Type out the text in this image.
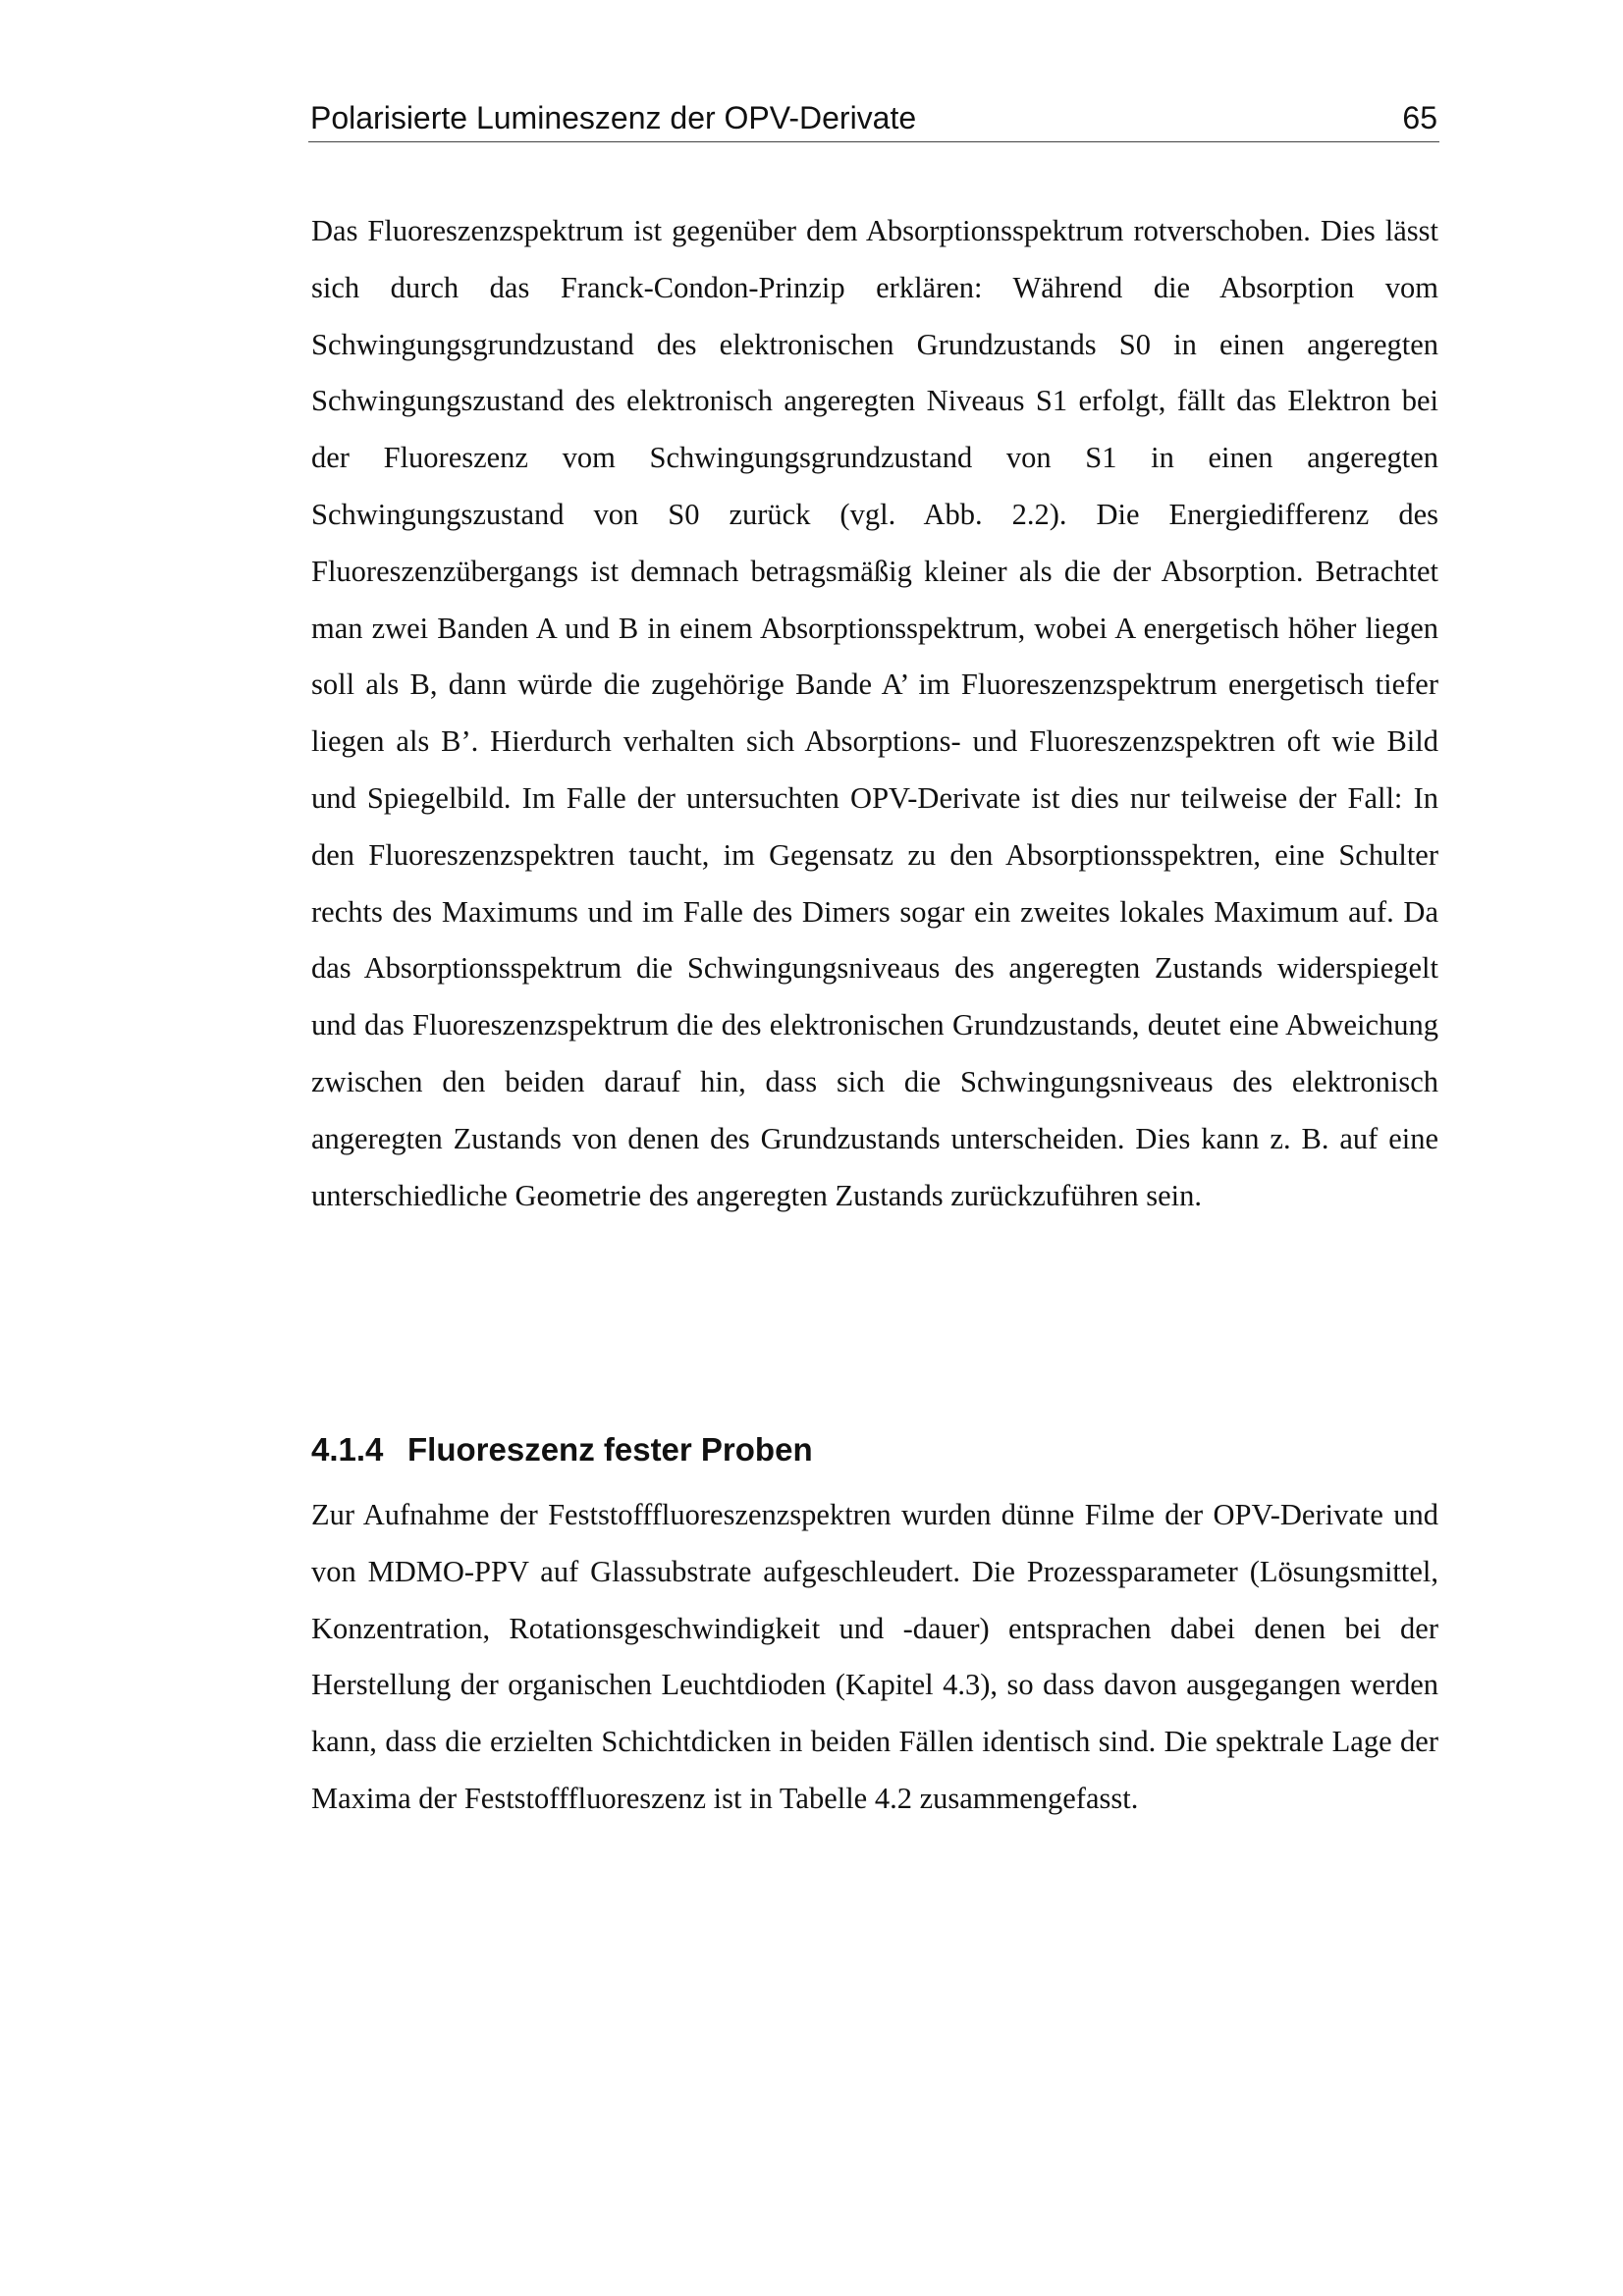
Polarisierte Lumineszenz der OPV-Derivate	65

Das Fluoreszenzspektrum ist gegenüber dem Absorptionsspektrum rotverschoben. Dies lässt sich durch das Franck-Condon-Prinzip erklären: Während die Absorption vom Schwingungsgrundzustand des elektronischen Grundzustands S0 in einen angeregten Schwingungszustand des elektronisch angeregten Niveaus S1 erfolgt, fällt das Elektron bei der Fluoreszenz vom Schwingungsgrundzustand von S1 in einen angeregten Schwingungszustand von S0 zurück (vgl. Abb. 2.2). Die Energiedifferenz des Fluoreszenzübergangs ist demnach betragsmäßig kleiner als die der Absorption. Betrachtet man zwei Banden A und B in einem Absorptionsspektrum, wobei A energetisch höher liegen soll als B, dann würde die zugehörige Bande A’ im Fluoreszenzspektrum energetisch tiefer liegen als B’. Hierdurch verhalten sich Absorptions- und Fluoreszenzspektren oft wie Bild und Spiegelbild. Im Falle der untersuchten OPV-Derivate ist dies nur teilweise der Fall: In den Fluoreszenzspektren taucht, im Gegensatz zu den Absorptionsspektren, eine Schulter rechts des Maximums und im Falle des Dimers sogar ein zweites lokales Maximum auf. Da das Absorptionsspektrum die Schwingungsniveaus des angeregten Zustands widerspiegelt und das Fluoreszenzspektrum die des elektronischen Grundzustands, deutet eine Abweichung zwischen den beiden darauf hin, dass sich die Schwingungsniveaus des elektronisch angeregten Zustands von denen des Grundzustands unterscheiden. Dies kann z. B. auf eine unterschiedliche Geometrie des angeregten Zustands zurückzuführen sein.

4.1.4 Fluoreszenz fester Proben

Zur Aufnahme der Feststofffluoreszenzspektren wurden dünne Filme der OPV-Derivate und von MDMO-PPV auf Glassubstrate aufgeschleudert. Die Prozessparameter (Lösungsmittel, Konzentration, Rotationsgeschwindigkeit und -dauer) entsprachen dabei denen bei der Herstellung der organischen Leuchtdioden (Kapitel 4.3), so dass davon ausgegangen werden kann, dass die erzielten Schichtdicken in beiden Fällen identisch sind. Die spektrale Lage der Maxima der Feststofffluoreszenz ist in Tabelle 4.2 zusammengefasst.
